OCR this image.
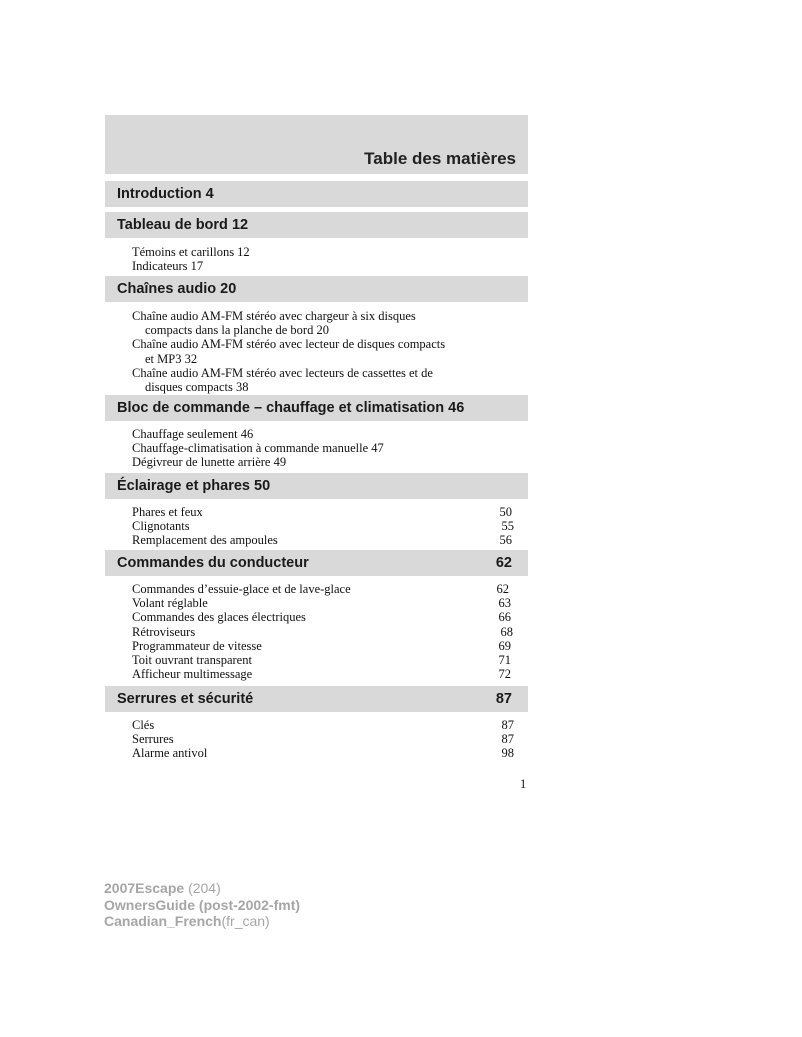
Table des matières
Introduction 4
Tableau de bord 12
Témoins et carillons 12
Indicateurs 17
Chaînes audio 20
Chaîne audio AM-FM stéréo avec chargeur à six disques
compacts dans la planche de bord 20
Chaîne audio AM-FM stéréo avec lecteur de disques compacts
et MP3 32
Chaîne audio AM-FM stéréo avec lecteurs de cassettes et de
disques compacts 38
Bloc de commande – chauffage et climatisation 46
Chauffage seulement 46
Chauffage-climatisation à commande manuelle 47
Dégivreur de lunette arrière 49
Éclairage et phares 50
Phares et feux	50
Clignotants	55
Remplacement des ampoules	56
Commandes du conducteur	62
Commandes d’essuie-glace et de lave-glace	62
Volant réglable	63
Commandes des glaces électriques	66
Rétroviseurs	68
Programmateur de vitesse	69
Toit ouvrant transparent	71
Afficheur multimessage	72
Serrures et sécurité	87
Clés	87
Serrures	87
Alarme antivol	98
1
2007Escape (204)
OwnersGuide (post-2002-fmt)
Canadian_French(fr_can)
